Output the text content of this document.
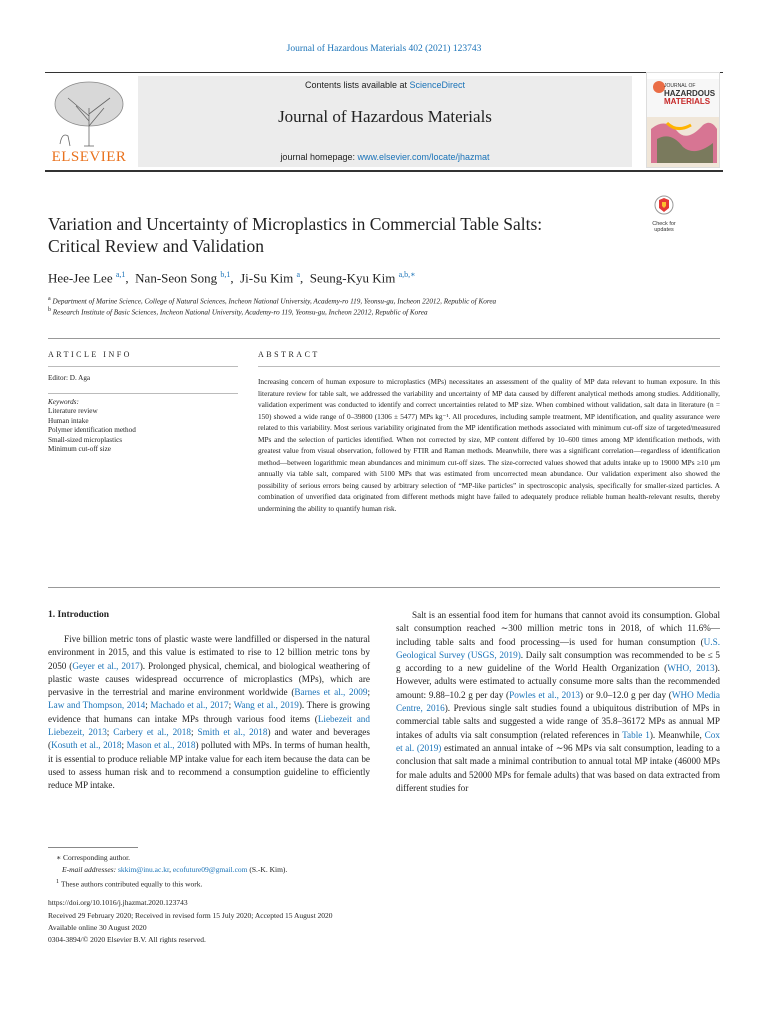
Journal of Hazardous Materials 402 (2021) 123743
ELSEVIER
Contents lists available at ScienceDirect
Journal of Hazardous Materials
journal homepage: www.elsevier.com/locate/jhazmat
JOURNAL OF
HAZARDOUS
MATERIALS
Variation and Uncertainty of Microplastics in Commercial Table Salts:
Critical Review and Validation
Check for updates
Hee-Jee Lee $^{a,1}$,  Nan-Seon Song $^{b,1}$,  Ji-Su Kim $^a$,  Seung-Kyu Kim $^{a,b,∗}$
$^a$ Department of Marine Science, College of Natural Sciences, Incheon National University, Academy-ro 119, Yeonsu-gu, Incheon 22012, Republic of Korea
$^b$ Research Institute of Basic Sciences, Incheon National University, Academy-ro 119, Yeonsu-gu, Incheon 22012, Republic of Korea
ARTICLE INFO
Editor: D. Aga
Keywords:
Literature review
Human intake
Polymer identification method
Small-sized microplastics
Minimum cut-off size
ABSTRACT
Increasing concern of human exposure to microplastics (MPs) necessitates an assessment of the quality of MP data relevant to human exposure. In this literature review for table salt, we addressed the variability and uncertainty of MP data caused by different analytical methods among studies. Additionally, validation experiment was conducted to identify and correct uncertainties related to MP size. When combined without validation, salt data in literature (n = 150) showed a wide range of 0–39800 (1306 ± 5477) MPs kg⁻¹. All procedures, including sample treatment, MP identification, and quality assurance were related to this variability. Most serious variability originated from the MP identification methods associated with minimum cut-off size of targeted/measured MPs and the selection of particles identified. When not corrected by size, MP content differed by 10–600 times among MP identification methods, with greatest value from visual observation, followed by FTIR and Raman methods. Meanwhile, there was a significant correlation—regardless of identification method—between logarithmic mean abundances and minimum cut-off sizes. The size-corrected values showed that adults intake up to 19000 MPs ≥10 μm annually via table salt, compared with 5100 MPs that was estimated from uncorrected mean abundance. Our validation experiment also showed the possibility of serious errors being caused by arbitrary selection of “MP-like particles” in spectroscopic analysis, specifically for smaller-sized particles. A combination of unverified data originated from different methods might have failed to adequately produce reliable human health-relevant results, thereby undermining the ability to quantify human risk.
1. Introduction

Five billion metric tons of plastic waste were landfilled or dispersed in the natural environment in 2015, and this value is estimated to rise to 12 billion metric tons by 2050 (Geyer et al., 2017). Prolonged physical, chemical, and biological weathering of plastic waste causes widespread occurrence of microplastics (MPs), which are pervasive in the terrestrial and marine environment worldwide (Barnes et al., 2009; Law and Thompson, 2014; Machado et al., 2017; Wang et al., 2019). There is growing evidence that humans can intake MPs through various food items (Liebezeit and Liebezeit, 2013; Carbery et al., 2018; Smith et al., 2018) and water and beverages (Kosuth et al., 2018; Mason et al., 2018) polluted with MPs. In terms of human health, it is essential to produce reliable MP intake value for each item because the data can be used to assess human risk and to recommend a consumption guideline to efficiently reduce MP intake.

Salt is an essential food item for humans that cannot avoid its consumption. Global salt consumption reached ∼300 million metric tons in 2018, of which 11.6%—including table salts and food processing—is used for human consumption (U.S. Geological Survey (USGS, 2019). Daily salt consumption was recommended to be ≤ 5 g according to a new guideline of the World Health Organization (WHO, 2013). However, adults were estimated to actually consume more salts than the recommended amount: 9.88–10.2 g per day (Powles et al., 2013) or 9.0–12.0 g per day (WHO Media Centre, 2016). Previous single salt studies found a ubiquitous distribution of MPs in commercial table salts and suggested a wide range of 35.8–36172 MPs as annual MP intakes of adults via salt consumption (related references in Table 1). Meanwhile, Cox et al. (2019) estimated an annual intake of ∼96 MPs via salt consumption, leading to a conclusion that salt made a minimal contribution to annual total MP intake (46000 MPs for male adults and 52000 MPs for female adults) that was based on data extracted from different studies for

∗ Corresponding author.
E-mail addresses: skkim@inu.ac.kr, ecofuture09@gmail.com (S.-K. Kim).
$^1$ These authors contributed equally to this work.
https://doi.org/10.1016/j.jhazmat.2020.123743
Received 29 February 2020; Received in revised form 15 July 2020; Accepted 15 August 2020
Available online 30 August 2020
0304-3894/© 2020 Elsevier B.V. All rights reserved.
